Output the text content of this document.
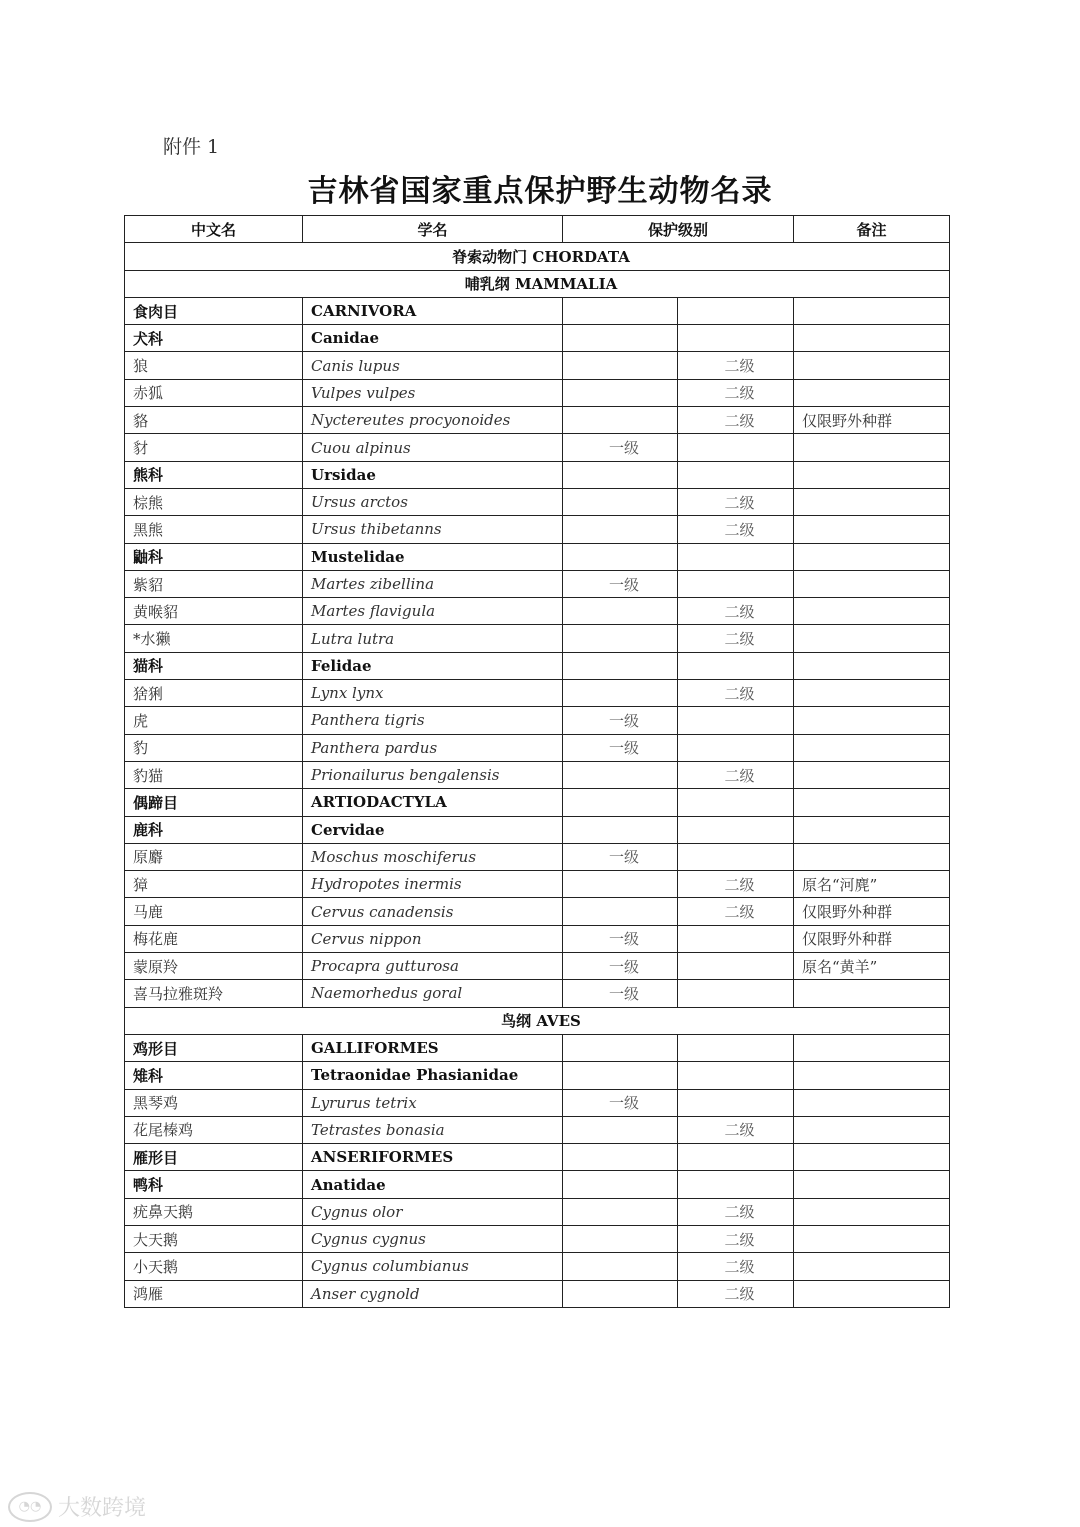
附件 1
吉林省国家重点保护野生动物名录
中文名	学名	保护级别		备注
脊索动物门 CHORDATA				
哺乳纲 MAMMALIA				
食肉目	CARNIVORA			
犬科	Canidae			
狼	Canis lupus		二级	
赤狐	Vulpes vulpes		二级	
貉	Nyctereutes procyonoides		二级	仅限野外种群
豺	Cuou alpinus	一级		
熊科	Ursidae			
棕熊	Ursus arctos		二级	
黑熊	Ursus thibetanns		二级	
鼬科	Mustelidae			
紫貂	Martes zibellina	一级		
黄喉貂	Martes flavigula		二级	
*水獭	Lutra lutra		二级	
猫科	Felidae			
猞猁	Lynx lynx		二级	
虎	Panthera tigris	一级		
豹	Panthera pardus	一级		
豹猫	Prionailurus bengalensis		二级	
偶蹄目	ARTIODACTYLA			
鹿科	Cervidae			
原麝	Moschus moschiferus	一级		
獐	Hydropotes inermis		二级	原名“河麂”
马鹿	Cervus canadensis		二级	仅限野外种群
梅花鹿	Cervus nippon	一级		仅限野外种群
蒙原羚	Procapra gutturosa	一级		原名“黄羊”
喜马拉雅斑羚	Naemorhedus goral	一级		
鸟纲 AVES				
鸡形目	GALLIFORMES			
雉科	Tetraonidae Phasianidae			
黑琴鸡	Lyrurus tetrix	一级		
花尾榛鸡	Tetrastes bonasia		二级	
雁形目	ANSERIFORMES			
鸭科	Anatidae			
疣鼻天鹅	Cygnus olor		二级	
大天鹅	Cygnus cygnus		二级	
小天鹅	Cygnus columbianus		二级	
鸿雁	Anser cygnold		二级	
◔◔ 大数跨境
